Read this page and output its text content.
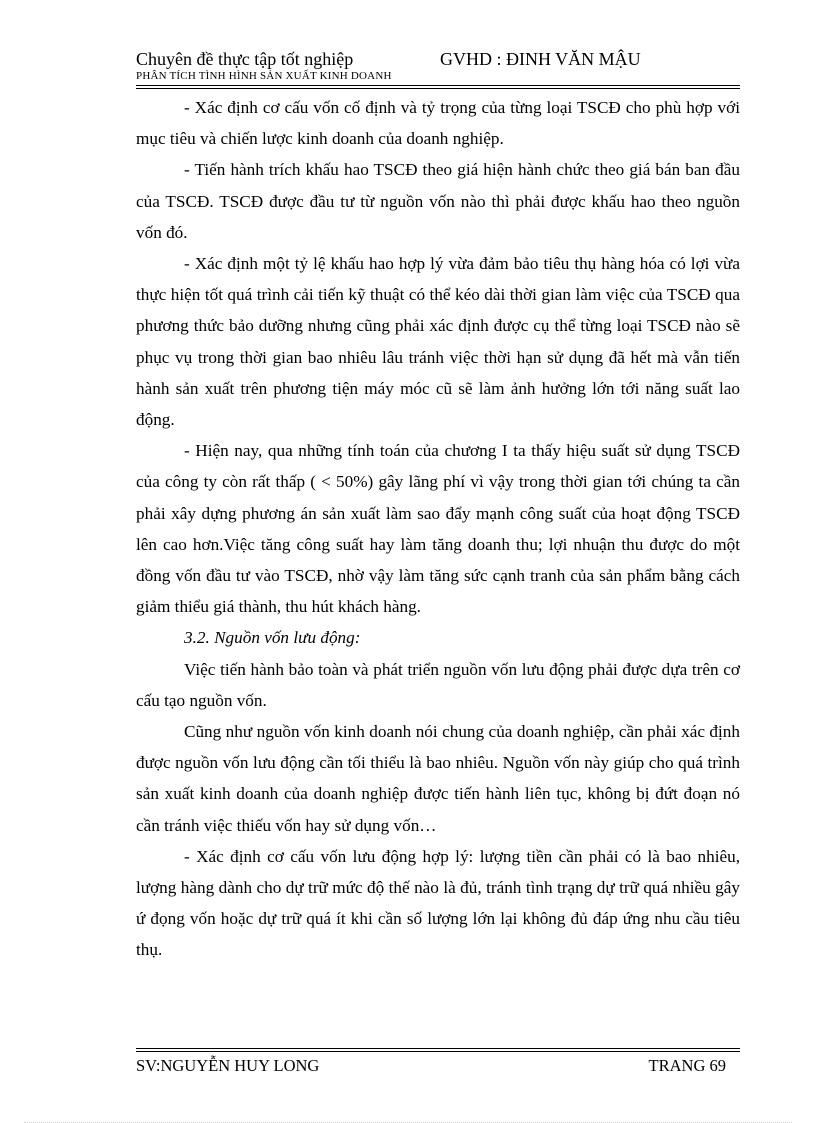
Chuyên đề thực tập tốt nghiệp	GVHD : ĐINH VĂN MẬU
PHÂN TÍCH TÌNH HÌNH SẢN XUẤT KINH DOANH

- Xác định cơ cấu vốn cố định và tỷ trọng của từng loại TSCĐ cho phù hợp với mục tiêu và chiến lược kinh doanh của doanh nghiệp.

- Tiến hành trích khấu hao TSCĐ theo giá hiện hành chức theo giá bán ban đầu của TSCĐ. TSCĐ được đầu tư từ nguồn vốn nào thì phải được khấu hao theo nguồn vốn đó.

- Xác định một tỷ lệ khấu hao hợp lý vừa đảm bảo tiêu thụ hàng hóa có lợi vừa thực hiện tốt quá trình cải tiến kỹ thuật có thể kéo dài thời gian làm việc của TSCĐ qua phương thức bảo dưỡng nhưng cũng phải xác định được cụ thể từng loại TSCĐ nào sẽ phục vụ trong thời gian bao nhiêu lâu tránh việc thời hạn sử dụng đã hết mà vẫn tiến hành sản xuất trên phương tiện máy móc cũ sẽ làm ảnh hưởng lớn tới năng suất lao động.

- Hiện nay, qua những tính toán của chương I ta thấy hiệu suất sử dụng TSCĐ của công ty còn rất thấp ( < 50%) gây lãng phí vì vậy trong thời gian tới chúng ta cần phải xây dựng phương án sản xuất làm sao đẩy mạnh công suất của hoạt động TSCĐ lên cao hơn.Việc tăng công suất hay làm tăng doanh thu; lợi nhuận thu được do một đồng vốn đầu tư vào TSCĐ, nhờ vậy làm tăng sức cạnh tranh của sản phẩm bằng cách giảm thiểu giá thành, thu hút khách hàng.

3.2. Nguồn vốn lưu động:

Việc tiến hành bảo toàn và phát triển nguồn vốn lưu động phải được dựa trên cơ cấu tạo nguồn vốn.

Cũng như nguồn vốn kinh doanh nói chung của doanh nghiệp, cần phải xác định được nguồn vốn lưu động cần tối thiểu là bao nhiêu. Nguồn vốn này giúp cho quá trình sản xuất kinh doanh của doanh nghiệp được tiến hành liên tục, không bị đứt đoạn nó cần tránh việc thiếu vốn hay sử dụng vốn…

- Xác định cơ cấu vốn lưu động hợp lý: lượng tiền cần phải có là bao nhiêu, lượng hàng dành cho dự trữ mức độ thế nào là đủ, tránh tình trạng dự trữ quá nhiều gây ứ đọng vốn hoặc dự trữ quá ít khi cần số lượng lớn lại không đủ đáp ứng nhu cầu tiêu thụ.

SV:NGUYỄN HUY LONG	TRANG 69
